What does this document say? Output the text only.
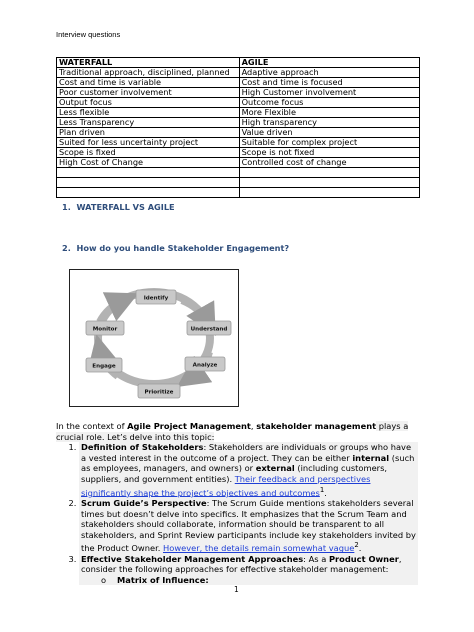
Interview questions
WATERFALL	AGILE
Traditional approach, disciplined, planned	Adaptive approach
Cost and time is variable	Cost and time is focused
Poor customer involvement	High Customer involvement
Output focus	Outcome focus
Less flexible	More Flexible
Less Transparency	High transparency
Plan driven	Value driven
Suited for less uncertainty project	Suitable for complex project
Scope is fixed	Scope is not fixed
High Cost of Change	Controlled cost of change

1. WATERFALL VS AGILE
2. How do you handle Stakeholder Engagement?
Identify
Understand
Analyze
Prioritize
Engage
Monitor

In the context of Agile Project Management, stakeholder management plays a crucial role. Let’s delve into this topic:

1. Definition of Stakeholders: Stakeholders are individuals or groups who have a vested interest in the outcome of a project. They can be either internal (such as employees, managers, and owners) or external (including customers, suppliers, and government entities). Their feedback and perspectives significantly shape the project’s objectives and outcomes$^1$.
2. Scrum Guide’s Perspective: The Scrum Guide mentions stakeholders several times but doesn’t delve into specifics. It emphasizes that the Scrum Team and stakeholders should collaborate, information should be transparent to all stakeholders, and Sprint Review participants include key stakeholders invited by the Product Owner. However, the details remain somewhat vague$^2$.
3. Effective Stakeholder Management Approaches: As a Product Owner, consider the following approaches for effective stakeholder management:
o Matrix of Influence:
1
